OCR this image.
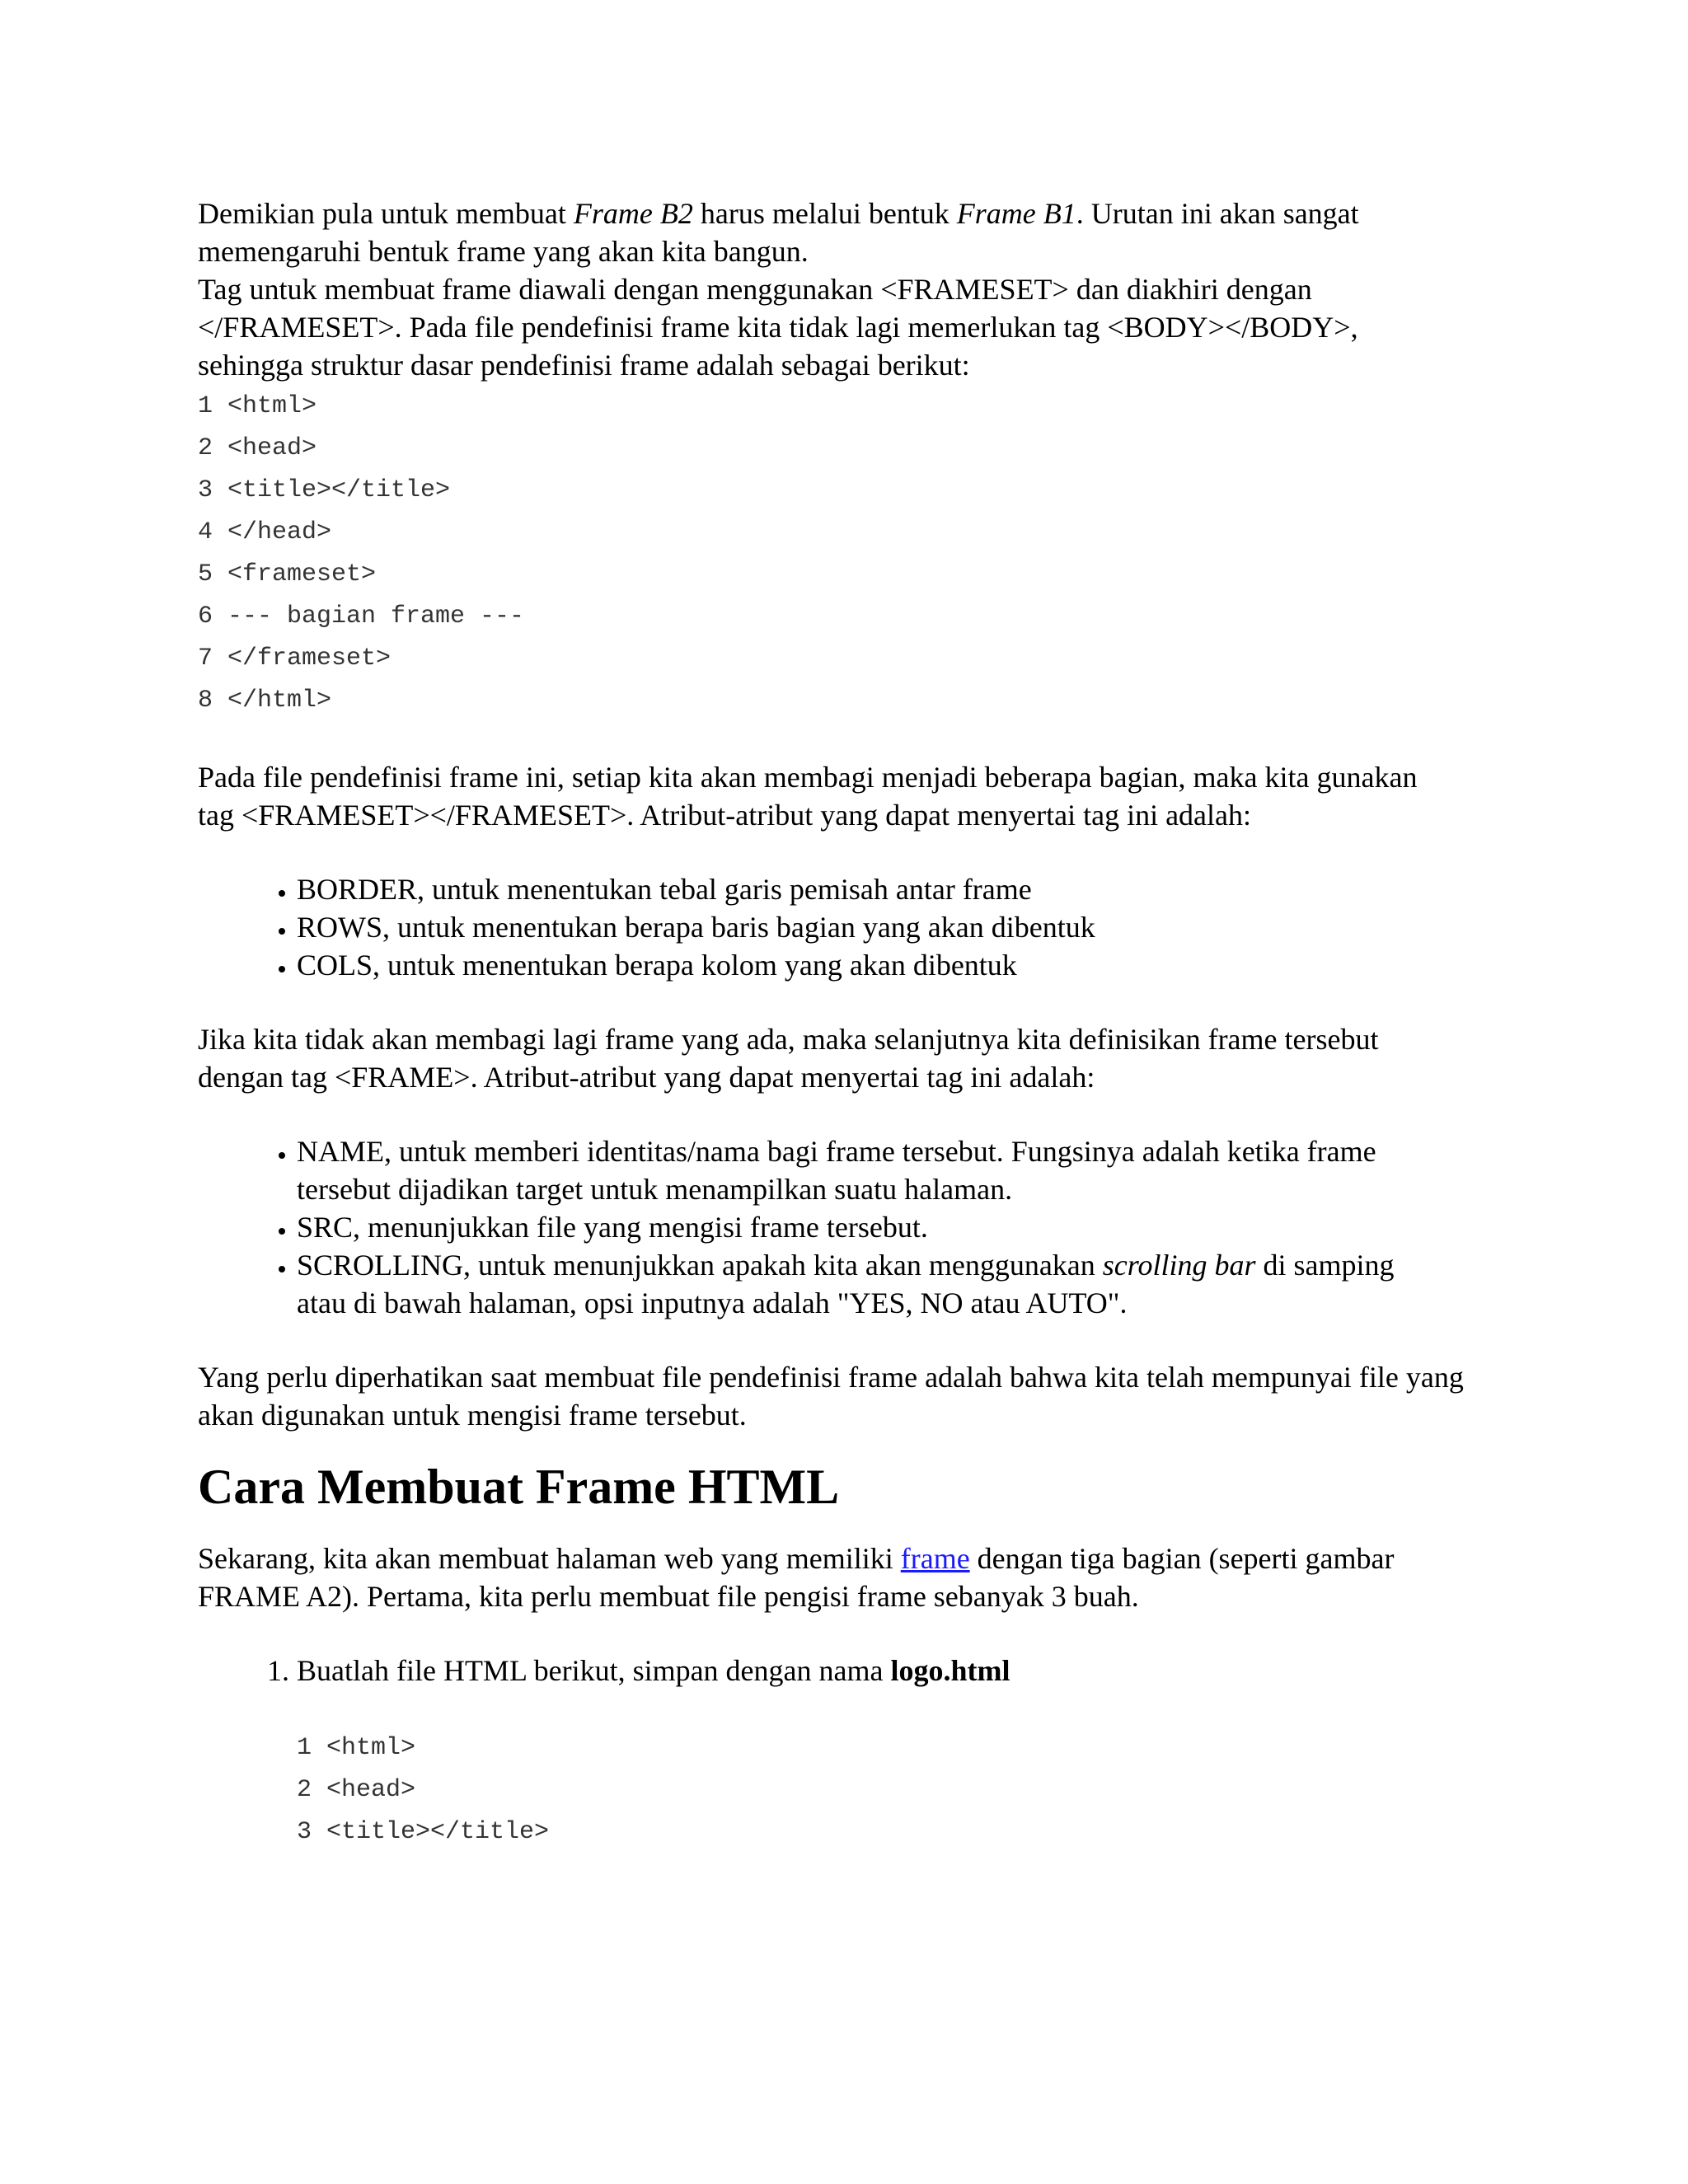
Demikian pula untuk membuat Frame B2 harus melalui bentuk Frame B1. Urutan ini akan sangat memengaruhi bentuk frame yang akan kita bangun.

Tag untuk membuat frame diawali dengan menggunakan <FRAMESET> dan diakhiri dengan </FRAMESET>. Pada file pendefinisi frame kita tidak lagi memerlukan tag <BODY></BODY>, sehingga struktur dasar pendefinisi frame adalah sebagai berikut:

1 <html>
2 <head>
3 <title></title>
4 </head>
5 <frameset>
6 --- bagian frame ---
7 </frameset>
8 </html>

Pada file pendefinisi frame ini, setiap kita akan membagi menjadi beberapa bagian, maka kita gunakan tag <FRAMESET></FRAMESET>. Atribut-atribut yang dapat menyertai tag ini adalah:

• BORDER, untuk menentukan tebal garis pemisah antar frame
• ROWS, untuk menentukan berapa baris bagian yang akan dibentuk
• COLS, untuk menentukan berapa kolom yang akan dibentuk

Jika kita tidak akan membagi lagi frame yang ada, maka selanjutnya kita definisikan frame tersebut dengan tag <FRAME>. Atribut-atribut yang dapat menyertai tag ini adalah:

• NAME, untuk memberi identitas/nama bagi frame tersebut. Fungsinya adalah ketika frame tersebut dijadikan target untuk menampilkan suatu halaman.
• SRC, menunjukkan file yang mengisi frame tersebut.
• SCROLLING, untuk menunjukkan apakah kita akan menggunakan scrolling bar di samping atau di bawah halaman, opsi inputnya adalah "YES, NO atau AUTO".

Yang perlu diperhatikan saat membuat file pendefinisi frame adalah bahwa kita telah mempunyai file yang akan digunakan untuk mengisi frame tersebut.

Cara Membuat Frame HTML

Sekarang, kita akan membuat halaman web yang memiliki frame dengan tiga bagian (seperti gambar FRAME A2). Pertama, kita perlu membuat file pengisi frame sebanyak 3 buah.

1. Buatlah file HTML berikut, simpan dengan nama logo.html
1 <html>
2 <head>
3 <title></title>
